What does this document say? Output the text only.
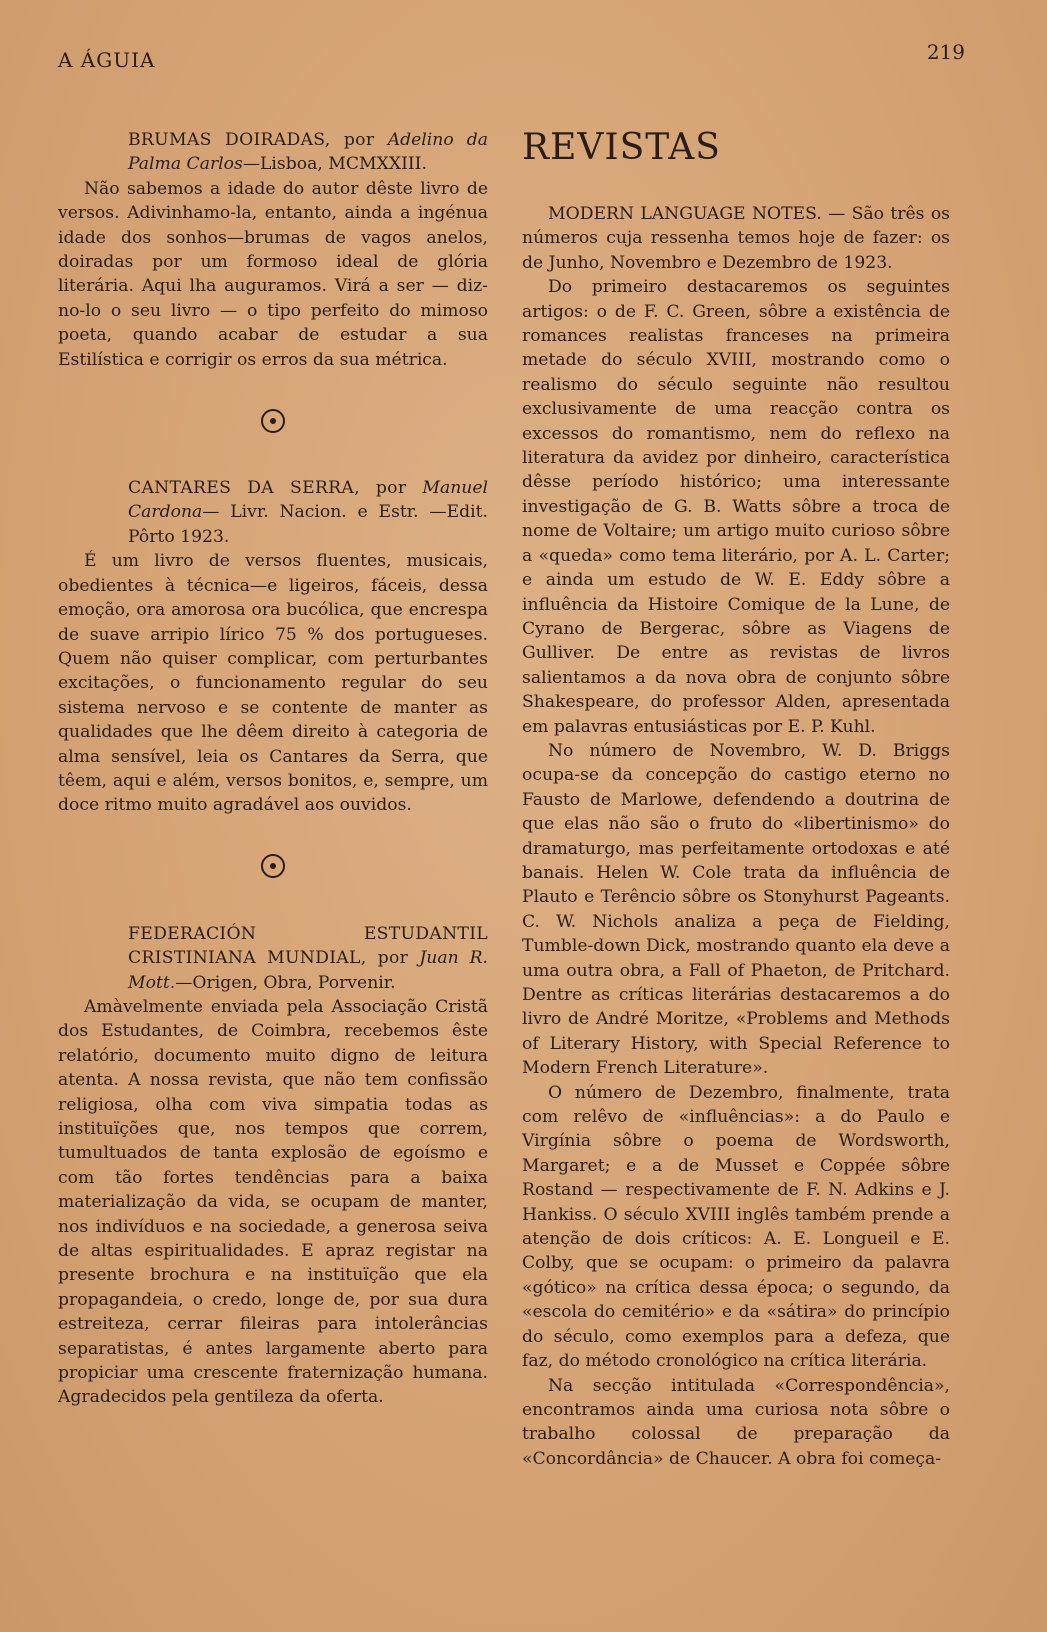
A ÁGUIA	219

BRUMAS DOIRADAS, por Adelino da Palma Carlos—Lisboa, MCMXXIII.

Não sabemos a idade do autor dêste livro de versos. Adivinhamo-la, entanto, ainda a ingénua idade dos sonhos—brumas de vagos anelos, doiradas por um formoso ideal de glória literária. Aqui lha auguramos. Virá a ser — diz-no-lo o seu livro — o tipo perfeito do mimoso poeta, quando acabar de estudar a sua Estilística e corrigir os erros da sua métrica.

CANTARES DA SERRA, por Manuel Cardona— Livr. Nacion. e Estr. —Edit. Pôrto 1923.

É um livro de versos fluentes, musicais, obedientes à técnica—e ligeiros, fáceis, dessa emoção, ora amorosa ora bucólica, que encrespa de suave arripio lírico 75 % dos portugueses. Quem não quiser complicar, com perturbantes excitações, o funcionamento regular do seu sistema nervoso e se contente de manter as qualidades que lhe dêem direito à categoria de alma sensível, leia os Cantares da Serra, que têem, aqui e além, versos bonitos, e, sempre, um doce ritmo muito agradável aos ouvidos.

FEDERACIÓN ESTUDANTIL CRISTINIANA MUNDIAL, por Juan R. Mott.—Origen, Obra, Porvenir.

Amàvelmente enviada pela Associação Cristã dos Estudantes, de Coimbra, recebemos êste relatório, documento muito digno de leitura atenta. A nossa revista, que não tem confissão religiosa, olha com viva simpatia todas as instituïções que, nos tempos que correm, tumultuados de tanta explosão de egoísmo e com tão fortes tendências para a baixa materialização da vida, se ocupam de manter, nos indivíduos e na sociedade, a generosa seiva de altas espiritualidades. E apraz registar na presente brochura e na instituïção que ela propagandeia, o credo, longe de, por sua dura estreiteza, cerrar fileiras para intolerâncias separatistas, é antes largamente aberto para propiciar uma crescente fraternização humana. Agradecidos pela gentileza da oferta.

REVISTAS

MODERN LANGUAGE NOTES. — São três os números cuja ressenha temos hoje de fazer: os de Junho, Novembro e Dezembro de 1923.

Do primeiro destacaremos os seguintes artigos: o de F. C. Green, sôbre a existência de romances realistas franceses na primeira metade do século XVIII, mostrando como o realismo do século seguinte não resultou exclusivamente de uma reacção contra os excessos do romantismo, nem do reflexo na literatura da avidez por dinheiro, característica dêsse período histórico; uma interessante investigação de G. B. Watts sôbre a troca de nome de Voltaire; um artigo muito curioso sôbre a «queda» como tema literário, por A. L. Carter; e ainda um estudo de W. E. Eddy sôbre a influência da Histoire Comique de la Lune, de Cyrano de Bergerac, sôbre as Viagens de Gulliver. De entre as revistas de livros salientamos a da nova obra de conjunto sôbre Shakespeare, do professor Alden, apresentada em palavras entusiásticas por E. P. Kuhl.

No número de Novembro, W. D. Briggs ocupa-se da concepção do castigo eterno no Fausto de Marlowe, defendendo a doutrina de que elas não são o fruto do «libertinismo» do dramaturgo, mas perfeitamente ortodoxas e até banais. Helen W. Cole trata da influência de Plauto e Terêncio sôbre os Stonyhurst Pageants. C. W. Nichols analiza a peça de Fielding, Tumble-down Dick, mostrando quanto ela deve a uma outra obra, a Fall of Phaeton, de Pritchard. Dentre as críticas literárias destacaremos a do livro de André Moritze, «Problems and Methods of Literary History, with Special Reference to Modern French Literature».

O número de Dezembro, finalmente, trata com relêvo de «influências»: a do Paulo e Virgínia sôbre o poema de Wordsworth, Margaret; e a de Musset e Coppée sôbre Rostand — respectivamente de F. N. Adkins e J. Hankiss. O século XVIII inglês também prende a atenção de dois críticos: A. E. Longueil e E. Colby, que se ocupam: o primeiro da palavra «gótico» na crítica dessa época; o segundo, da «escola do cemitério» e da «sátira» do princípio do século, como exemplos para a defeza, que faz, do método cronológico na crítica literária.

Na secção intitulada «Correspondência», encontramos ainda uma curiosa nota sôbre o trabalho colossal de preparação da «Concordância» de Chaucer. A obra foi começa-
